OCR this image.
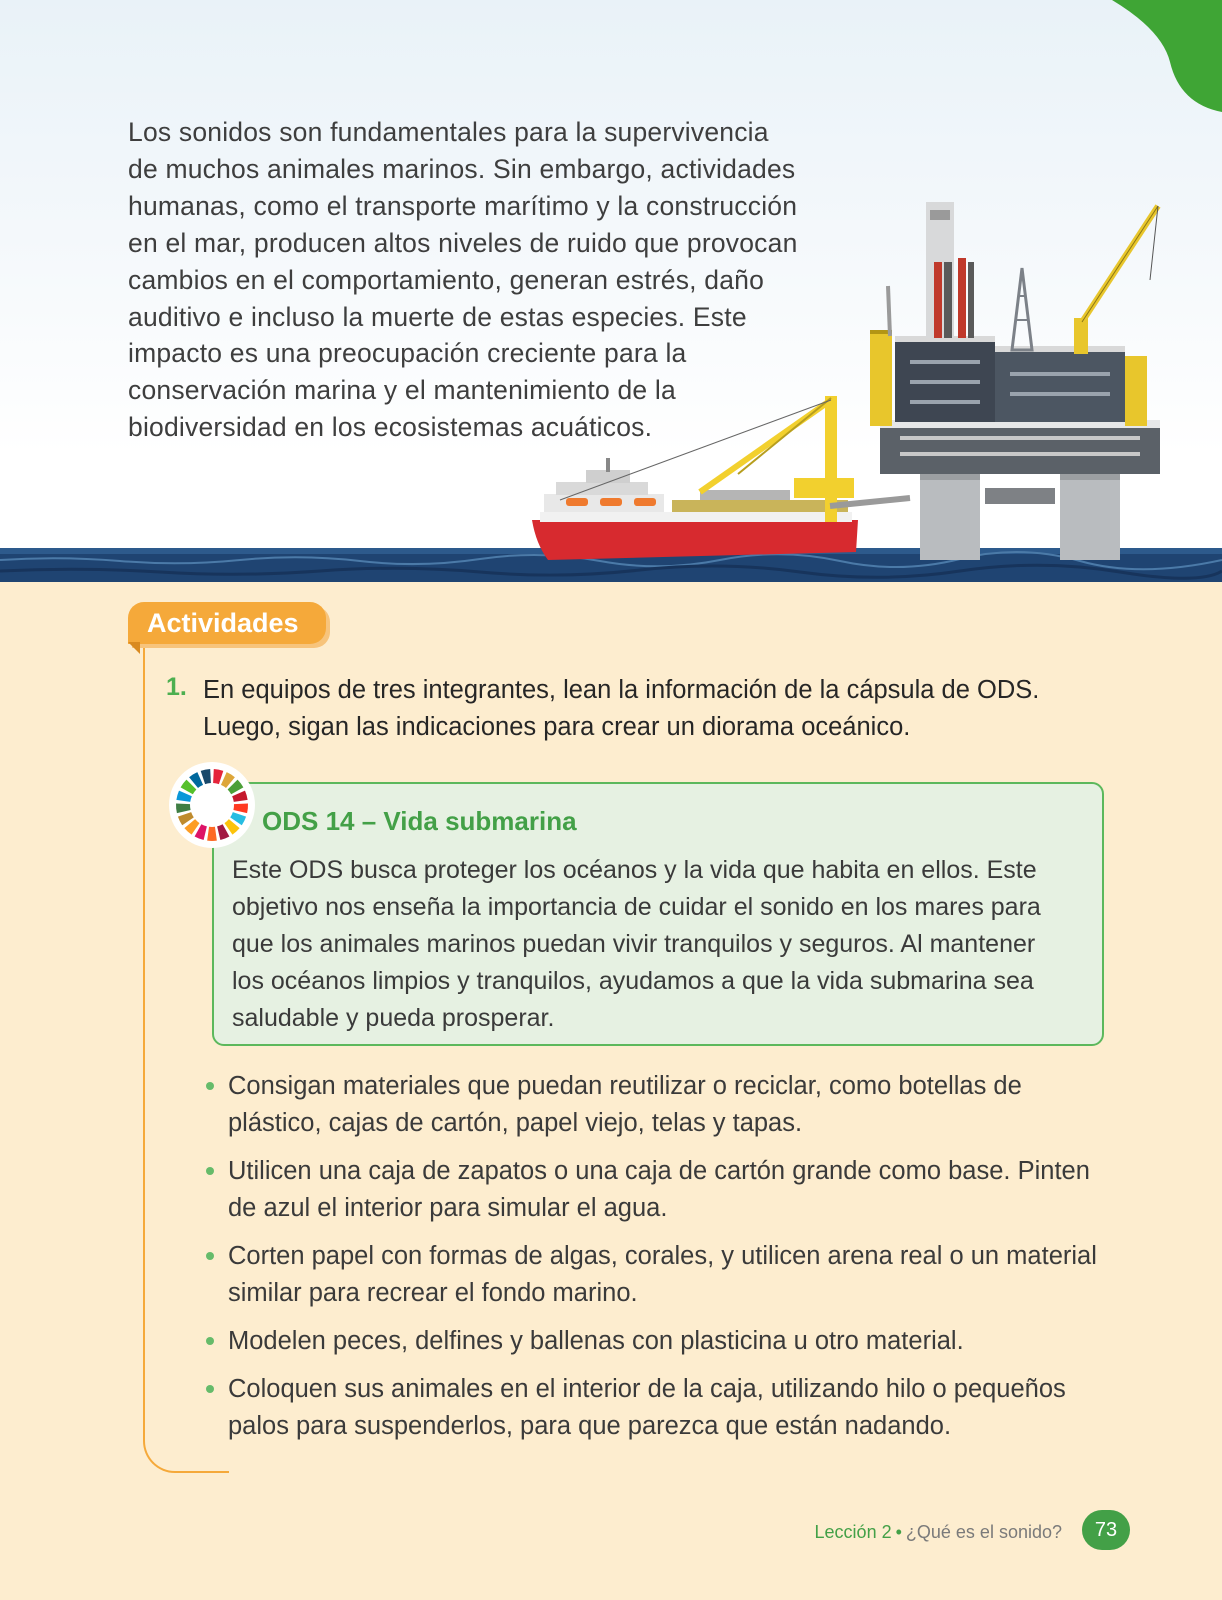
Los sonidos son fundamentales para la supervivencia
de muchos animales marinos. Sin embargo, actividades
humanas, como el transporte marítimo y la construcción
en el mar, producen altos niveles de ruido que provocan
cambios en el comportamiento, generan estrés, daño
auditivo e incluso la muerte de estas especies. Este
impacto es una preocupación creciente para la
conservación marina y el mantenimiento de la
biodiversidad en los ecosistemas acuáticos.

Actividades
1. En equipos de tres integrantes, lean la información de la cápsula de ODS.
Luego, sigan las indicaciones para crear un diorama oceánico.

ODS 14 – Vida submarina

Este ODS busca proteger los océanos y la vida que habita en ellos. Este
objetivo nos enseña la importancia de cuidar el sonido en los mares para
que los animales marinos puedan vivir tranquilos y seguros. Al mantener
los océanos limpios y tranquilos, ayudamos a que la vida submarina sea
saludable y pueda prosperar.

Consigan materiales que puedan reutilizar o reciclar, como botellas de
plástico, cajas de cartón, papel viejo, telas y tapas.
Utilicen una caja de zapatos o una caja de cartón grande como base. Pinten
de azul el interior para simular el agua.
Corten papel con formas de algas, corales, y utilicen arena real o un material
similar para recrear el fondo marino.
Modelen peces, delfines y ballenas con plasticina u otro material.
Coloquen sus animales en el interior de la caja, utilizando hilo o pequeños
palos para suspenderlos, para que parezca que están nadando.

Lección 2 • ¿Qué es el sonido?	73
